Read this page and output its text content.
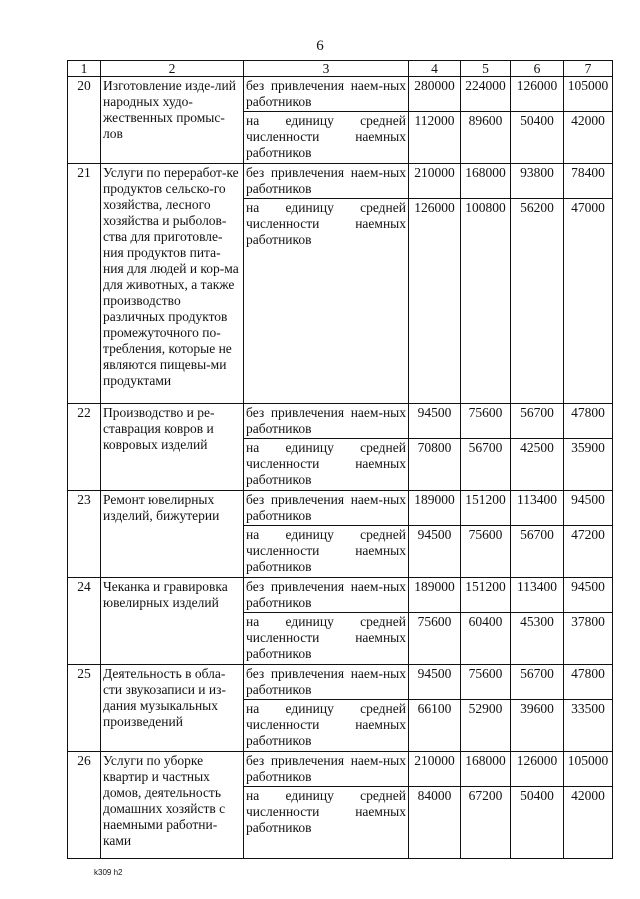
6
1	2	3	4	5	6	7
20	Изготовление изде-лий народных худо-жественных промыс-лов	без привлечения наем-ных работников	280000	224000	126000	105000
		на единицу средней численности наемных работников	112000	89600	50400	42000
21	Услуги по переработ-ке продуктов сельско-го хозяйства, лесного хозяйства и рыболов-ства для приготовле-ния продуктов пита-ния для людей и кор-ма для животных, а также производство различных продуктов промежуточного по-требления, которые не являются пищевы-ми продуктами	без привлечения наем-ных работников	210000	168000	93800	78400
		на единицу средней численности наемных работников	126000	100800	56200	47000
22	Производство и ре-ставрация ковров и ковровых изделий	без привлечения наем-ных работников	94500	75600	56700	47800
		на единицу средней численности наемных работников	70800	56700	42500	35900
23	Ремонт ювелирных изделий, бижутерии	без привлечения наем-ных работников	189000	151200	113400	94500
		на единицу средней численности наемных работников	94500	75600	56700	47200
24	Чеканка и гравировка ювелирных изделий	без привлечения наем-ных работников	189000	151200	113400	94500
		на единицу средней численности наемных работников	75600	60400	45300	37800
25	Деятельность в обла-сти звукозаписи и из-дания музыкальных произведений	без привлечения наем-ных работников	94500	75600	56700	47800
		на единицу средней численности наемных работников	66100	52900	39600	33500
26	Услуги по уборке квартир и частных домов, деятельность домашних хозяйств с наемными работни-ками	без привлечения наем-ных работников	210000	168000	126000	105000
		на единицу средней численности наемных работников	84000	67200	50400	42000
k309 h2
